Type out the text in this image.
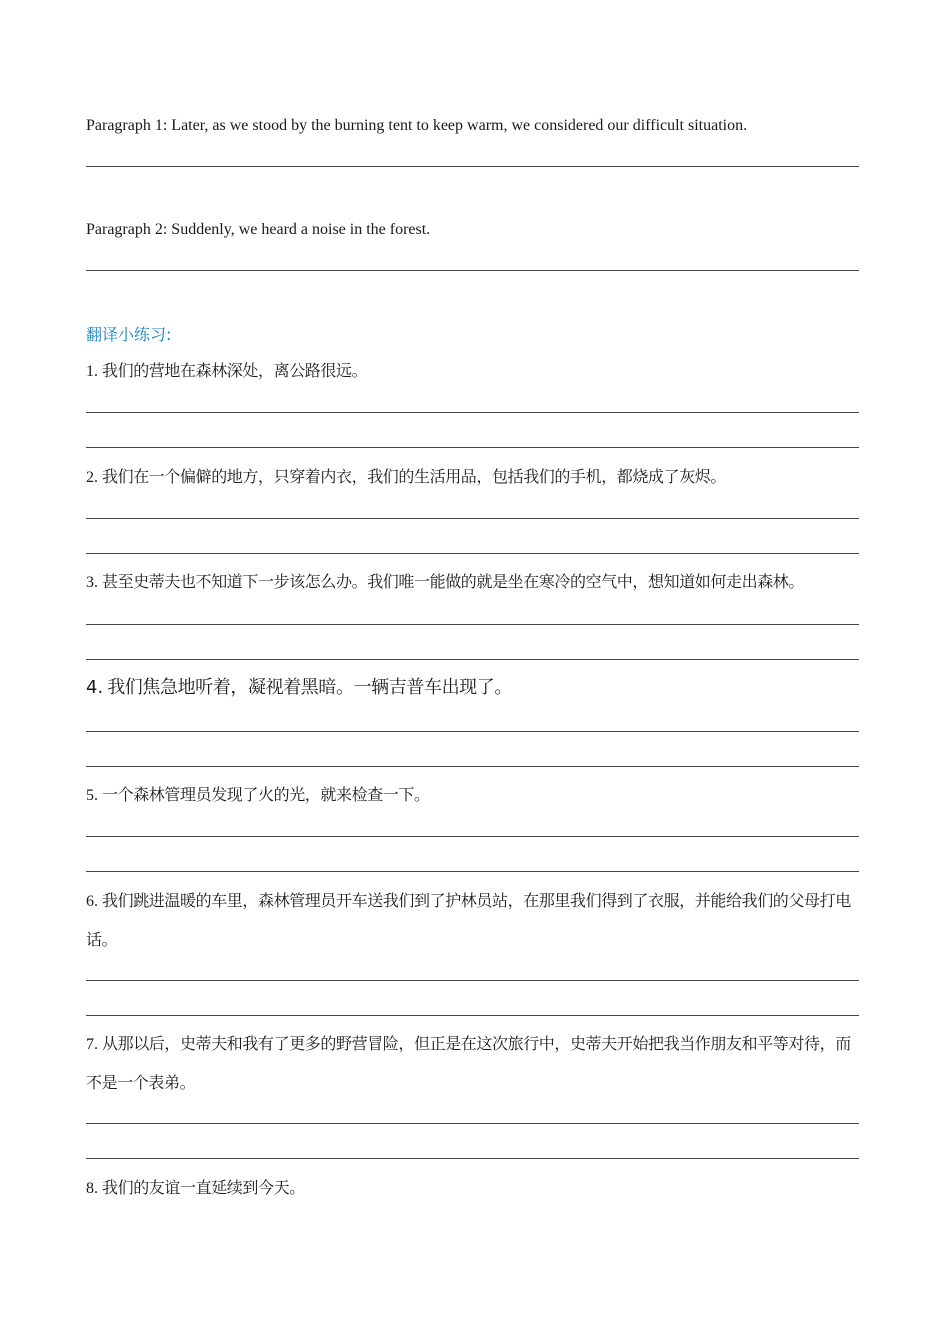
Paragraph 1: Later, as we stood by the burning tent to keep warm, we considered our difficult situation.
Paragraph 2: Suddenly, we heard a noise in the forest.
翻译小练习:
1. 我们的营地在森林深处，离公路很远。
2. 我们在一个偏僻的地方，只穿着内衣，我们的生活用品，包括我们的手机，都烧成了灰烬。
3. 甚至史蒂夫也不知道下一步该怎么办。我们唯一能做的就是坐在寒冷的空气中，想知道如何走出森林。
4. 我们焦急地听着，凝视着黑暗。一辆吉普车出现了。
5. 一个森林管理员发现了火的光，就来检查一下。
6. 我们跳进温暖的车里，森林管理员开车送我们到了护林员站，在那里我们得到了衣服，并能给我们的父母打电话。
7. 从那以后，史蒂夫和我有了更多的野营冒险，但正是在这次旅行中，史蒂夫开始把我当作朋友和平等对待，而不是一个表弟。
8. 我们的友谊一直延续到今天。
